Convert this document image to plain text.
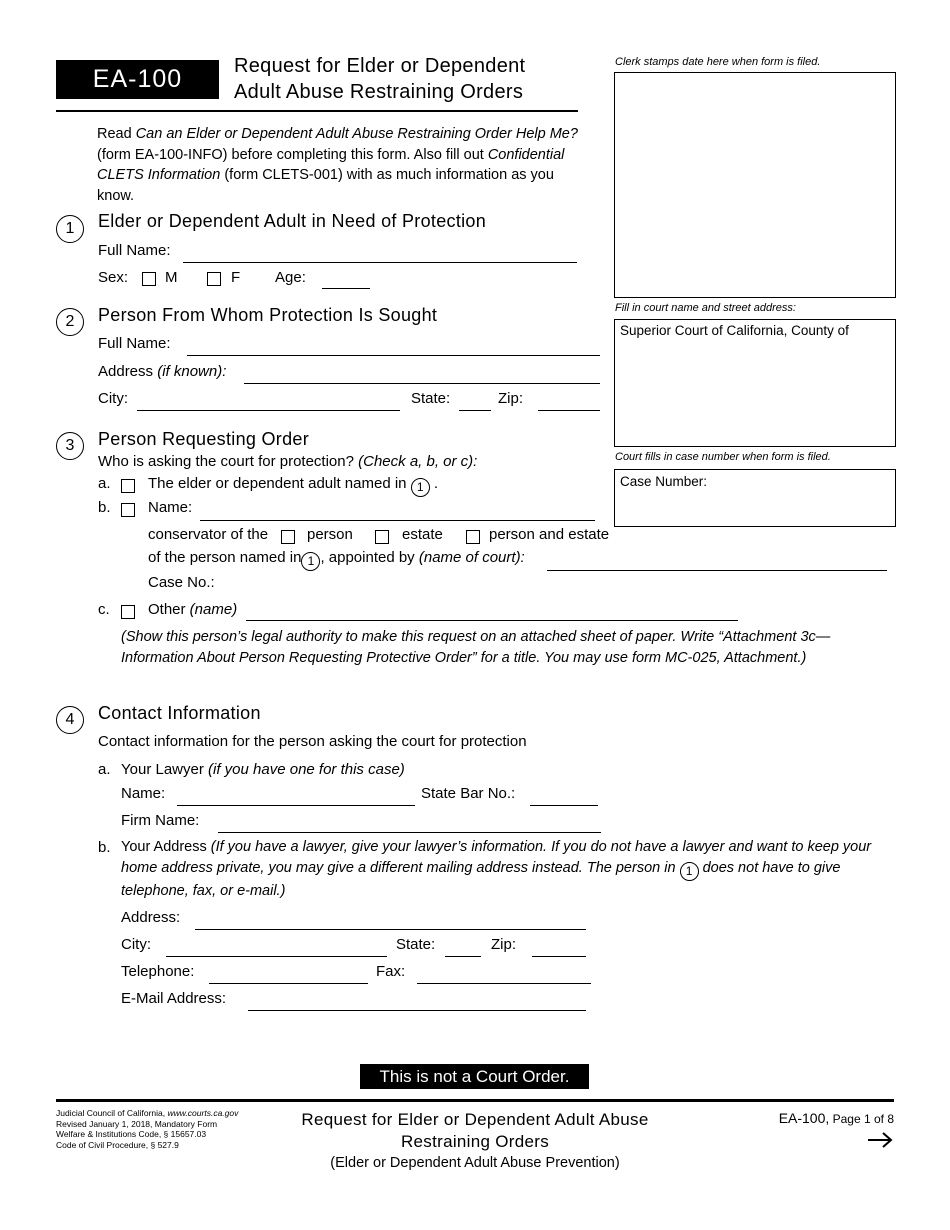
EA-100	Request for Elder or Dependent
Adult Abuse Restraining Orders
Clerk stamps date here when form is filed.
Fill in court name and street address:
Superior Court of California, County of
Court fills in case number when form is filed.
Case Number:
Read Can an Elder or Dependent Adult Abuse Restraining Order Help Me? (form EA-100-INFO) before completing this form. Also fill out Confidential CLETS Information (form CLETS-001) with as much information as you know.
1	Elder or Dependent Adult in Need of Protection
Full Name:
Sex: M	F Age:
2	Person From Whom Protection Is Sought
Full Name:
Address (if known):
City:	State:	Zip:
3	Person Requesting Order
Who is asking the court for protection? (Check a, b, or c):
a. The elder or dependent adult named in 1 .
b. Name:
conservator of the	person	estate	person and estate
of the person named in 1 , appointed by (name of court):
Case No.:
c.	Other (name)
(Show this person’s legal authority to make this request on an attached sheet of paper. Write “Attachment 3c—Information About Person Requesting Protective Order” for a title. You may use form MC-025, Attachment.)
4	Contact Information
Contact information for the person asking the court for protection
a. Your Lawyer (if you have one for this case)
Name:	State Bar No.:
Firm Name:
b. Your Address (If you have a lawyer, give your lawyer’s information. If you do not have a lawyer and want to keep your home address private, you may give a different mailing address instead. The person in 1 does not have to give telephone, fax, or e-mail.)
Address:
City:	State:	Zip:
Telephone:	Fax:
E-Mail Address:
This is not a Court Order.
Judicial Council of California, www.courts.ca.gov
Revised January 1, 2018, Mandatory Form
Welfare & Institutions Code, § 15657.03
Code of Civil Procedure, § 527.9
Request for Elder or Dependent Adult Abuse
Restraining Orders
(Elder or Dependent Adult Abuse Prevention)
EA-100, Page 1 of 8
